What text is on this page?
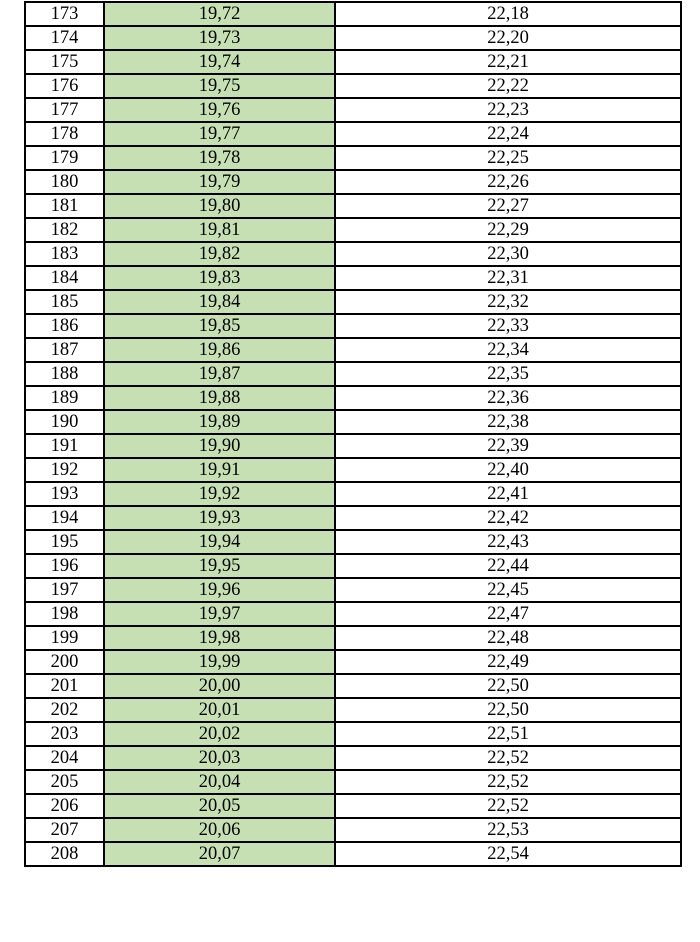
173	19,72	22,18
174	19,73	22,20
175	19,74	22,21
176	19,75	22,22
177	19,76	22,23
178	19,77	22,24
179	19,78	22,25
180	19,79	22,26
181	19,80	22,27
182	19,81	22,29
183	19,82	22,30
184	19,83	22,31
185	19,84	22,32
186	19,85	22,33
187	19,86	22,34
188	19,87	22,35
189	19,88	22,36
190	19,89	22,38
191	19,90	22,39
192	19,91	22,40
193	19,92	22,41
194	19,93	22,42
195	19,94	22,43
196	19,95	22,44
197	19,96	22,45
198	19,97	22,47
199	19,98	22,48
200	19,99	22,49
201	20,00	22,50
202	20,01	22,50
203	20,02	22,51
204	20,03	22,52
205	20,04	22,52
206	20,05	22,52
207	20,06	22,53
208	20,07	22,54
